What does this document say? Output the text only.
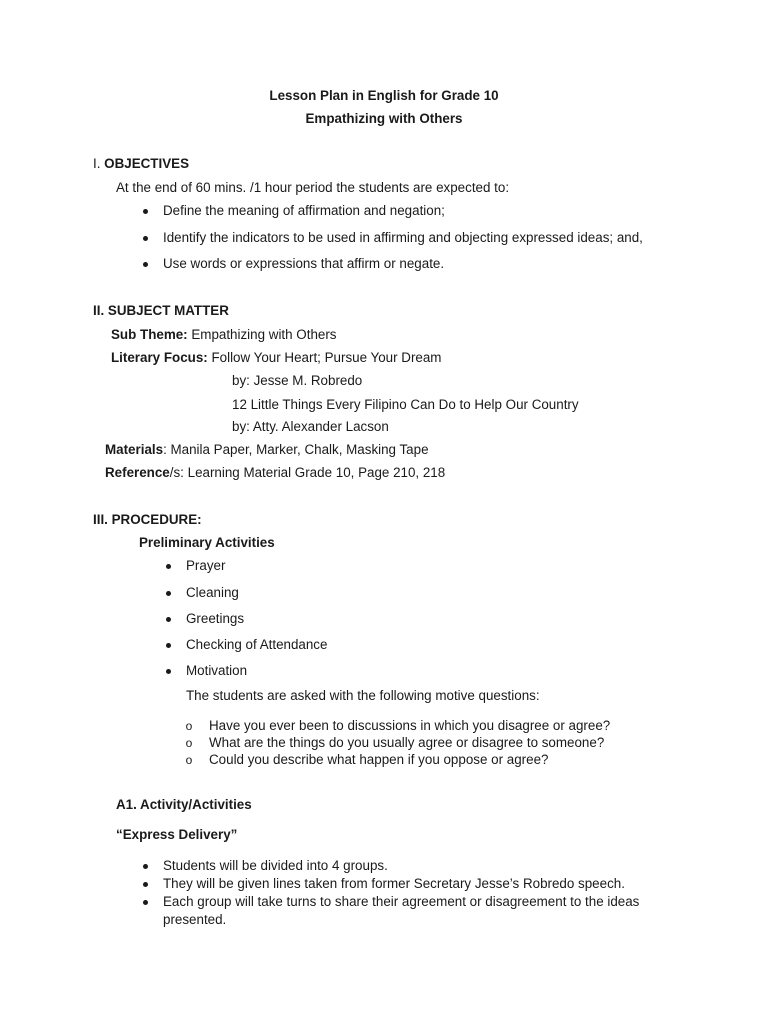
Lesson Plan in English for Grade 10
Empathizing with Others
I. OBJECTIVES
At the end of 60 mins. /1 hour period the students are expected to:
Define the meaning of affirmation and negation;
Identify the indicators to be used in affirming and objecting expressed ideas; and,
Use words or expressions that affirm or negate.
II. SUBJECT MATTER
Sub Theme: Empathizing with Others
Literary Focus: Follow Your Heart; Pursue Your Dream
by: Jesse M. Robredo
12 Little Things Every Filipino Can Do to Help Our Country
by: Atty. Alexander Lacson
Materials: Manila Paper, Marker, Chalk, Masking Tape
Reference/s: Learning Material Grade 10, Page 210, 218
III. PROCEDURE:
Preliminary Activities
Prayer
Cleaning
Greetings
Checking of Attendance
Motivation
The students are asked with the following motive questions:
o Have you ever been to discussions in which you disagree or agree?
o What are the things do you usually agree or disagree to someone?
o Could you describe what happen if you oppose or agree?
A1. Activity/Activities
“Express Delivery”
Students will be divided into 4 groups.
They will be given lines taken from former Secretary Jesse’s Robredo speech.
Each group will take turns to share their agreement or disagreement to the ideas
presented.
